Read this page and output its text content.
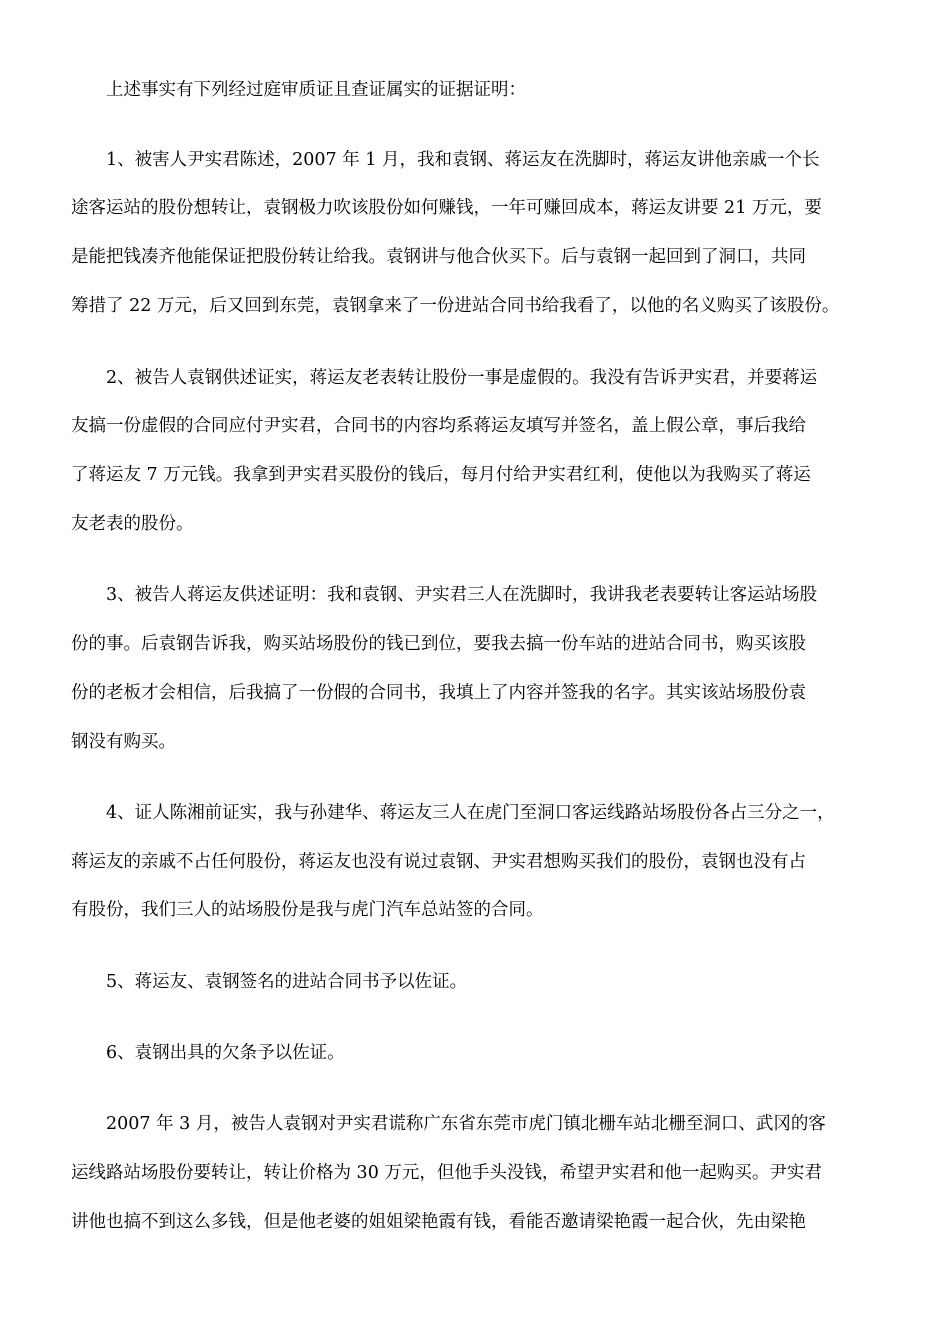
上述事实有下列经过庭审质证且查证属实的证据证明：
1、被害人尹实君陈述，2007 年 1 月，我和袁钢、蒋运友在洗脚时，蒋运友讲他亲戚一个长
途客运站的股份想转让，袁钢极力吹该股份如何赚钱，一年可赚回成本，蒋运友讲要 21 万元，要
是能把钱凑齐他能保证把股份转让给我。袁钢讲与他合伙买下。后与袁钢一起回到了洞口，共同
筹措了 22 万元，后又回到东莞，袁钢拿来了一份进站合同书给我看了，以他的名义购买了该股份。
2、被告人袁钢供述证实，蒋运友老表转让股份一事是虚假的。我没有告诉尹实君，并要蒋运
友搞一份虚假的合同应付尹实君，合同书的内容均系蒋运友填写并签名，盖上假公章，事后我给
了蒋运友 7 万元钱。我拿到尹实君买股份的钱后，每月付给尹实君红利，使他以为我购买了蒋运
友老表的股份。
3、被告人蒋运友供述证明：我和袁钢、尹实君三人在洗脚时，我讲我老表要转让客运站场股
份的事。后袁钢告诉我，购买站场股份的钱已到位，要我去搞一份车站的进站合同书，购买该股
份的老板才会相信，后我搞了一份假的合同书，我填上了内容并签我的名字。其实该站场股份袁
钢没有购买。
4、证人陈湘前证实，我与孙建华、蒋运友三人在虎门至洞口客运线路站场股份各占三分之一，
蒋运友的亲戚不占任何股份，蒋运友也没有说过袁钢、尹实君想购买我们的股份，袁钢也没有占
有股份，我们三人的站场股份是我与虎门汽车总站签的合同。
5、蒋运友、袁钢签名的进站合同书予以佐证。
6、袁钢出具的欠条予以佐证。
2007 年 3 月，被告人袁钢对尹实君谎称广东省东莞市虎门镇北栅车站北栅至洞口、武冈的客
运线路站场股份要转让，转让价格为 30 万元，但他手头没钱，希望尹实君和他一起购买。尹实君
讲他也搞不到这么多钱，但是他老婆的姐姐梁艳霞有钱，看能否邀请梁艳霞一起合伙，先由梁艳
